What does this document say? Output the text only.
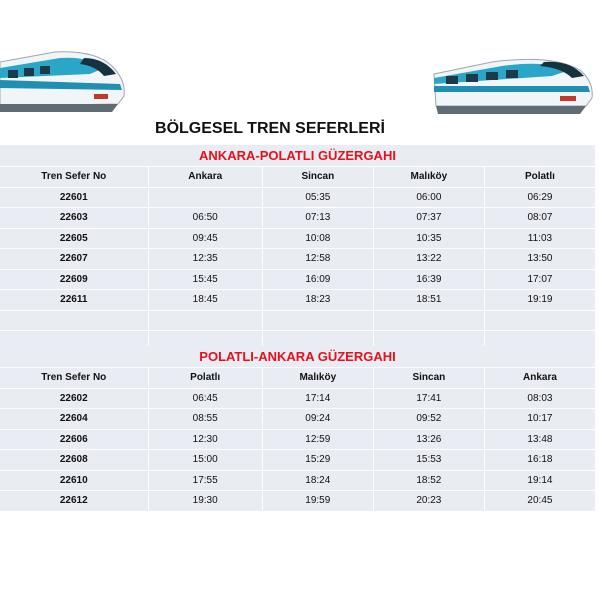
BÖLGESEL TREN SEFERLERİ
ANKARA-POLATLI GÜZERGAHI				
Tren Sefer No	Ankara	Sincan	Malıköy	Polatlı
22601		05:35	06:00	06:29
22603	06:50	07:13	07:37	08:07
22605	09:45	10:08	10:35	11:03
22607	12:35	12:58	13:22	13:50
22609	15:45	16:09	16:39	17:07
22611	18:45	18:23	18:51	19:19

POLATLI-ANKARA GÜZERGAHI				
Tren Sefer No	Polatlı	Malıköy	Sincan	Ankara
22602	06:45	17:14	17:41	08:03
22604	08:55	09:24	09:52	10:17
22606	12:30	12:59	13:26	13:48
22608	15:00	15:29	15:53	16:18
22610	17:55	18:24	18:52	19:14
22612	19:30	19:59	20:23	20:45
